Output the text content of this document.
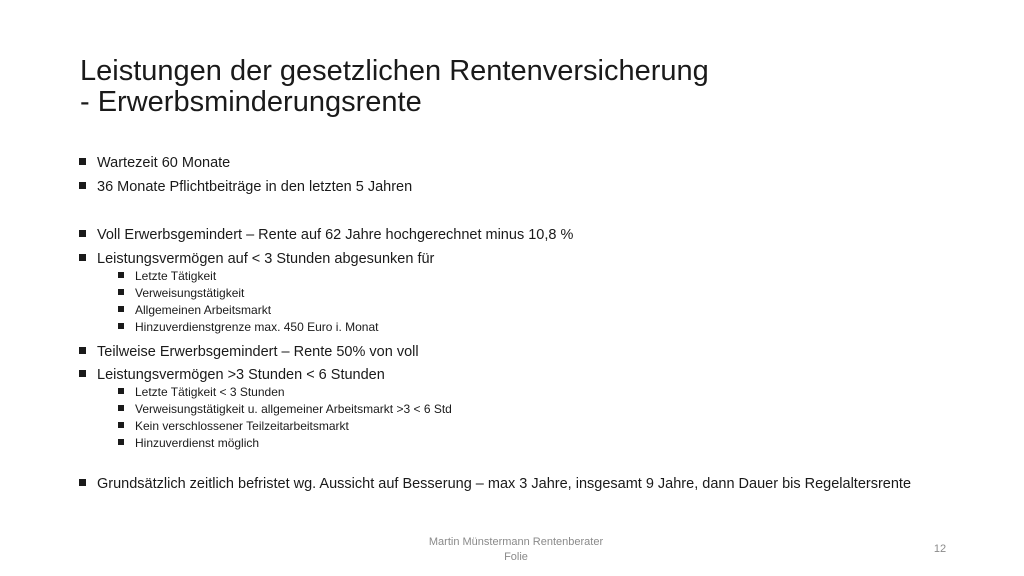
Leistungen der gesetzlichen Rentenversicherung
- Erwerbsminderungsrente
Wartezeit 60 Monate
36 Monate Pflichtbeiträge in den letzten 5 Jahren
Voll Erwerbsgemindert – Rente auf 62 Jahre hochgerechnet minus 10,8 %
Leistungsvermögen auf < 3 Stunden abgesunken für
Letzte Tätigkeit
Verweisungstätigkeit
Allgemeinen Arbeitsmarkt
Hinzuverdienstgrenze max. 450 Euro i. Monat
Teilweise Erwerbsgemindert – Rente 50% von voll
Leistungsvermögen >3 Stunden < 6 Stunden
Letzte Tätigkeit < 3 Stunden
Verweisungstätigkeit u. allgemeiner Arbeitsmarkt >3 < 6 Std
Kein verschlossener Teilzeitarbeitsmarkt
Hinzuverdienst möglich
Grundsätzlich zeitlich befristet wg. Aussicht auf Besserung – max 3 Jahre, insgesamt 9 Jahre, dann Dauer bis Regelaltersrente
Martin Münstermann Rentenberater
Folie
12
